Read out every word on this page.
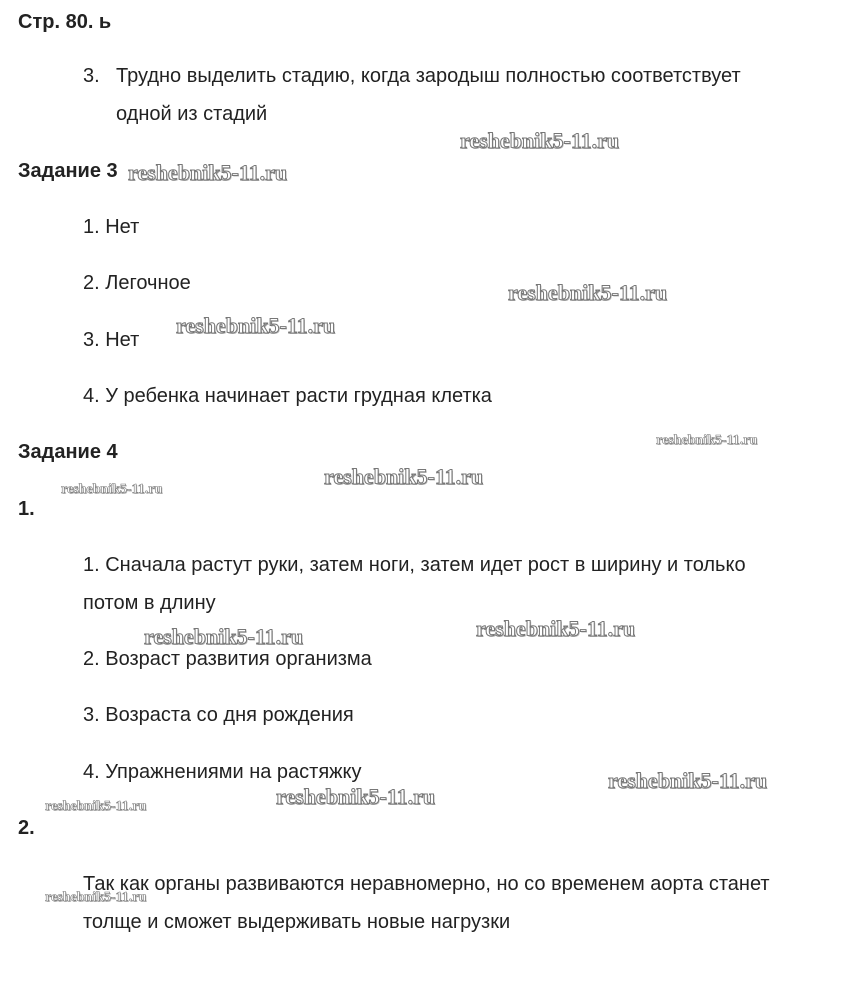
Стр. 80. ь
3. Трудно выделить стадию, когда зародыш полностью соответствует
одной из стадий
Задание 3
1. Нет
2. Легочное
3. Нет
4. У ребенка начинает расти грудная клетка
Задание 4
1.
1. Сначала растут руки, затем ноги, затем идет рост в ширину и только
потом в длину
2. Возраст развития организма
3. Возраста со дня рождения
4. Упражнениями на растяжку
2.
Так как органы развиваются неравномерно, но со временем аорта станет
толще и сможет выдерживать новые нагрузки
reshebnik5-11.ru
reshebnik5-11.ru
reshebnik5-11.ru
reshebnik5-11.ru
reshebnik5-11.ru
reshebnik5-11.ru
reshebnik5-11.ru
reshebnik5-11.ru
reshebnik5-11.ru
reshebnik5-11.ru
reshebnik5-11.ru
reshebnik5-11.ru
reshebnik5-11.ru
